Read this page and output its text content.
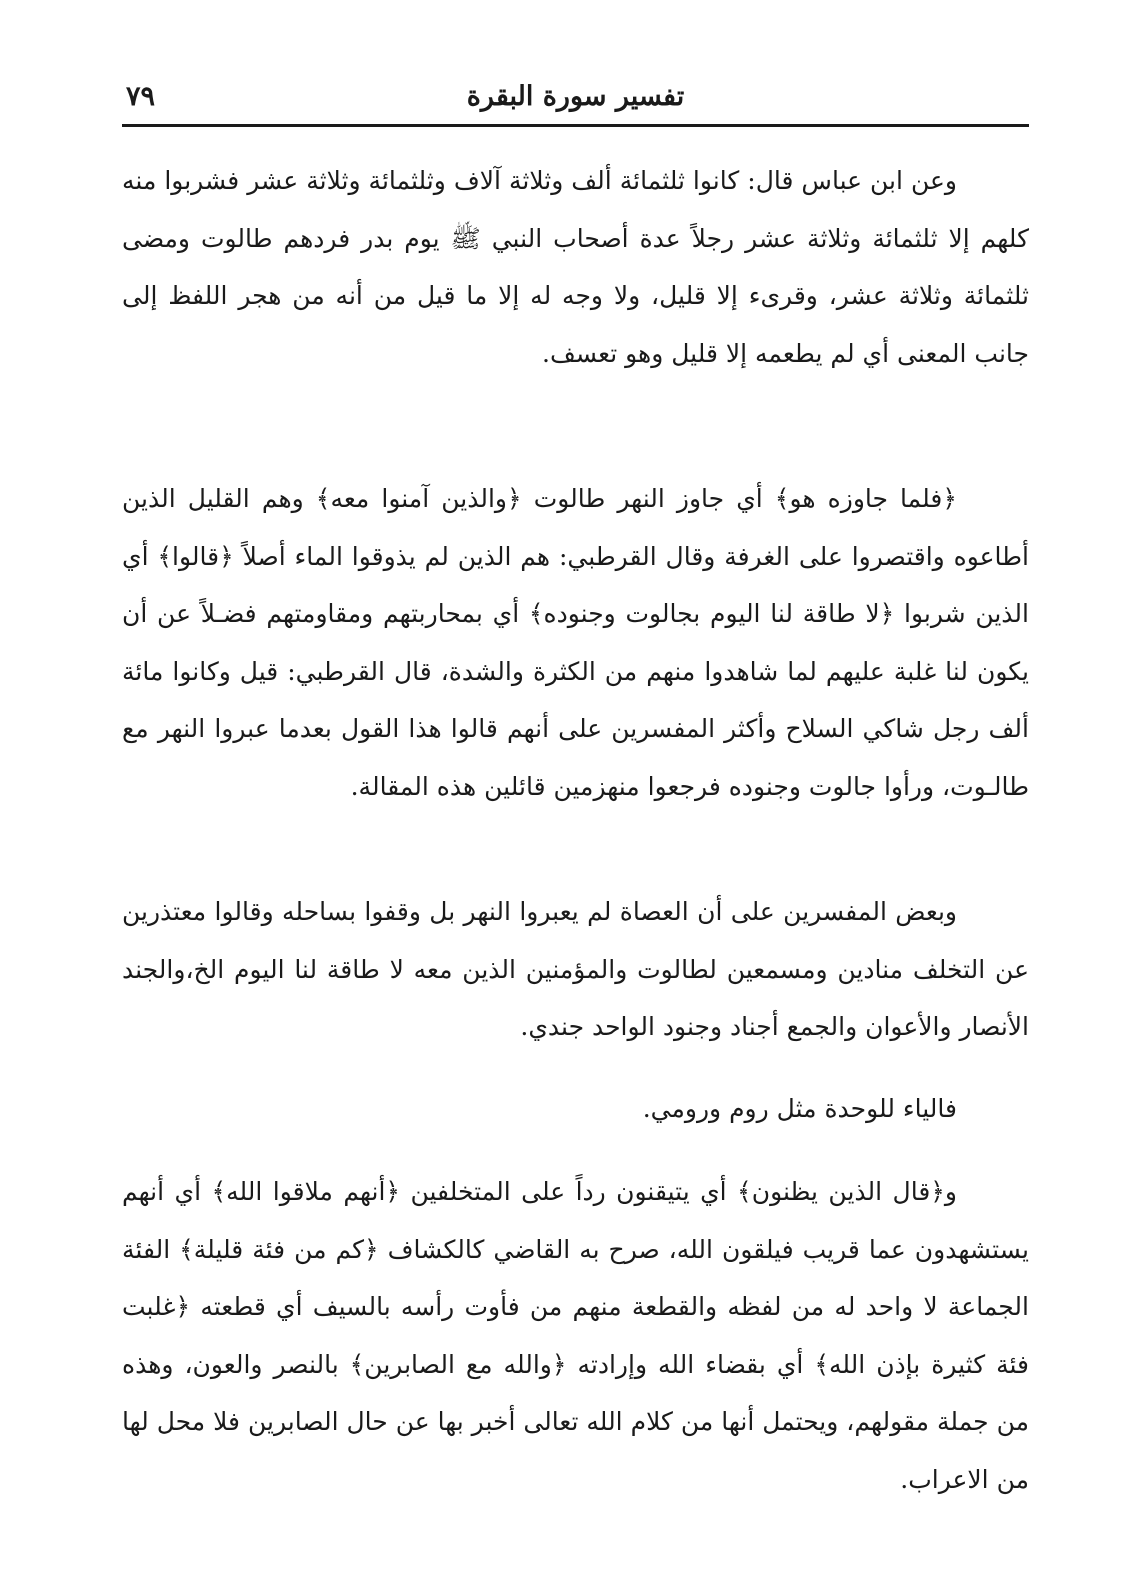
تفسير سورة البقرة
٧٩

وعن ابن عباس قال: كانوا ثلثمائة ألف وثلاثة آلاف وثلثمائة وثلاثة عشر فشربوا منه كلهم إلا ثلثمائة وثلاثة عشر رجلاً عدة أصحاب النبي ﷺ يوم بدر فردهم طالوت ومضى ثلثمائة وثلاثة عشر، وقرىء إلا قليل، ولا وجه له إلا ما قيل من أنه من هجر اللفظ إلى جانب المعنى أي لم يطعمه إلا قليل وهو تعسف.

﴿فلما جاوزه هو﴾ أي جاوز النهر طالوت ﴿والذين آمنوا معه﴾ وهم القليل الذين أطاعوه واقتصروا على الغرفة وقال القرطبي: هم الذين لم يذوقوا الماء أصلاً ﴿قالوا﴾ أي الذين شربوا ﴿لا طاقة لنا اليوم بجالوت وجنوده﴾ أي بمحاربتهم ومقاومتهم فضـلاً عن أن يكون لنا غلبة عليهم لما شاهدوا منهم من الكثرة والشدة، قال القرطبي: قيل وكانوا مائة ألف رجل شاكي السلاح وأكثر المفسرين على أنهم قالوا هذا القول بعدما عبروا النهر مع طالـوت، ورأوا جالوت وجنوده فرجعوا منهزمين قائلين هذه المقالة.

وبعض المفسرين على أن العصاة لم يعبروا النهر بل وقفوا بساحله وقالوا معتذرين عن التخلف منادين ومسمعين لطالوت والمؤمنين الذين معه لا طاقة لنا اليوم الخ،والجند الأنصار والأعوان والجمع أجناد وجنود الواحد جندي.

فالياء للوحدة مثل روم ورومي.

و﴿قال الذين يظنون﴾ أي يتيقنون رداً على المتخلفين ﴿أنهم ملاقوا الله﴾ أي أنهم يستشهدون عما قريب فيلقون الله، صرح به القاضي كالكشاف ﴿كم من فئة قليلة﴾ الفئة الجماعة لا واحد له من لفظه والقطعة منهم من فأوت رأسه بالسيف أي قطعته ﴿غلبت فئة كثيرة بإذن الله﴾ أي بقضاء الله وإرادته ﴿والله مع الصابرين﴾ بالنصر والعون، وهذه من جملة مقولهم، ويحتمل أنها من كلام الله تعالى أخبر بها عن حال الصابرين فلا محل لها من الاعراب.
